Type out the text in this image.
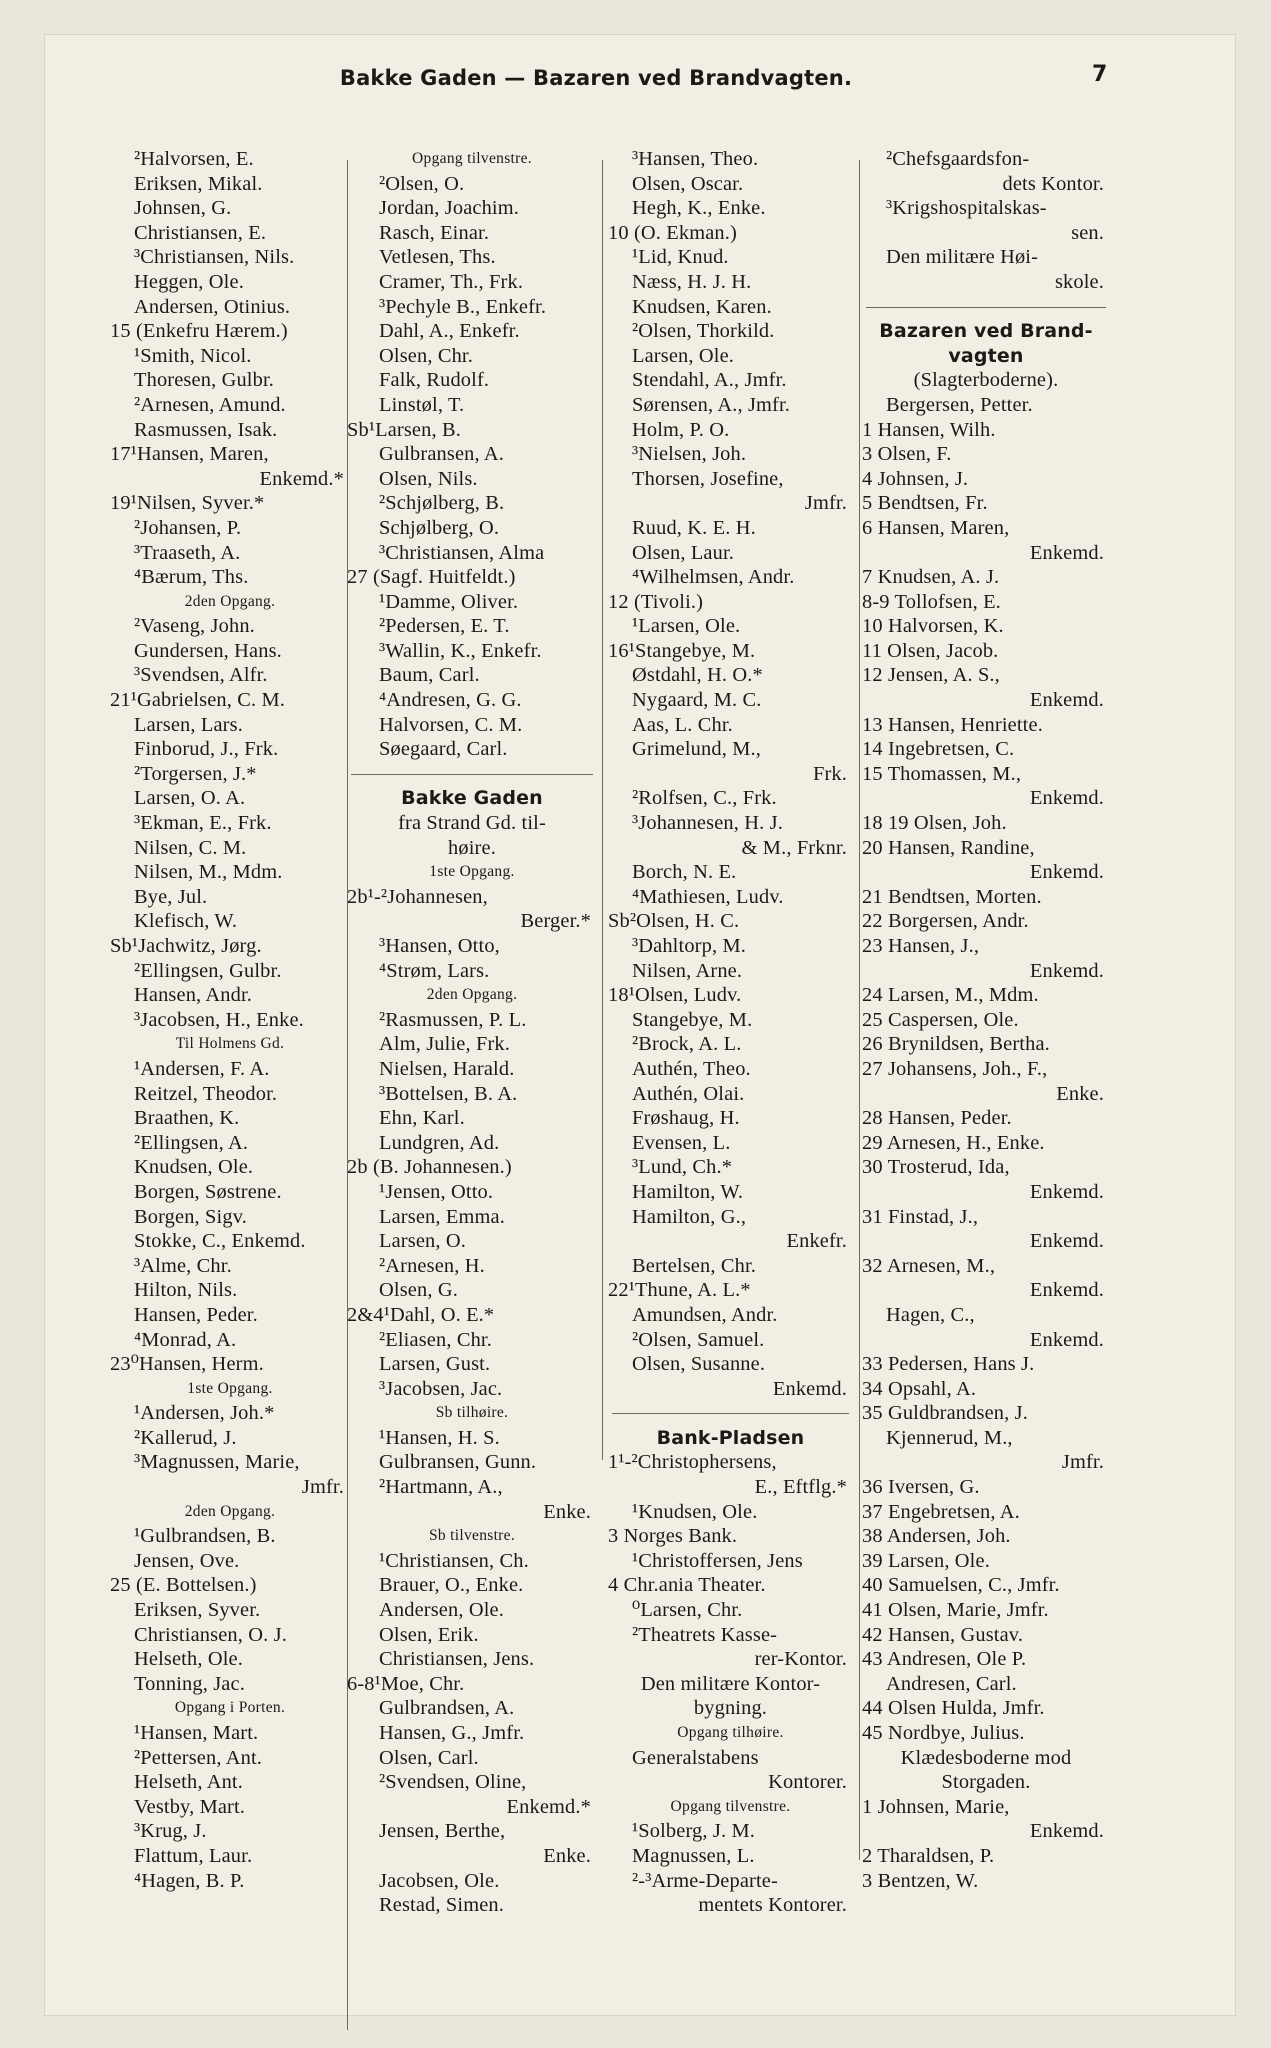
Bakke Gaden — Bazaren ved Brandvagten.	7
²Halvorsen, E.
Eriksen, Mikal.
Johnsen, G.
Christiansen, E.
³Christiansen, Nils.
Heggen, Ole.
Andersen, Otinius.
15 (Enkefru Hærem.)
¹Smith, Nicol.
Thoresen, Gulbr.
²Arnesen, Amund.
Rasmussen, Isak.
17¹Hansen, Maren,
Enkemd.*
19¹Nilsen, Syver.*
²Johansen, P.
³Traaseth, A.
⁴Bærum, Ths.
2den Opgang.
²Vaseng, John.
Gundersen, Hans.
³Svendsen, Alfr.
21¹Gabrielsen, C. M.
Larsen, Lars.
Finborud, J., Frk.
²Torgersen, J.*
Larsen, O. A.
³Ekman, E., Frk.
Nilsen, C. M.
Nilsen, M., Mdm.
Bye, Jul.
Klefisch, W.
Sb¹Jachwitz, Jørg.
²Ellingsen, Gulbr.
Hansen, Andr.
³Jacobsen, H., Enke.
Til Holmens Gd.
¹Andersen, F. A.
Reitzel, Theodor.
Braathen, K.
²Ellingsen, A.
Knudsen, Ole.
Borgen, Søstrene.
Borgen, Sigv.
Stokke, C., Enkemd.
³Alme, Chr.
Hilton, Nils.
Hansen, Peder.
⁴Monrad, A.
23⁰Hansen, Herm.
1ste Opgang.
¹Andersen, Joh.*
²Kallerud, J.
³Magnussen, Marie,
Jmfr.
2den Opgang.
¹Gulbrandsen, B.
Jensen, Ove.
25 (E. Bottelsen.)
Eriksen, Syver.
Christiansen, O. J.
Helseth, Ole.
Tonning, Jac.
Opgang i Porten.
¹Hansen, Mart.
²Pettersen, Ant.
Helseth, Ant.
Vestby, Mart.
³Krug, J.
Flattum, Laur.
⁴Hagen, B. P.
Opgang tilvenstre.
²Olsen, O.
Jordan, Joachim.
Rasch, Einar.
Vetlesen, Ths.
Cramer, Th., Frk.
³Pechyle B., Enkefr.
Dahl, A., Enkefr.
Olsen, Chr.
Falk, Rudolf.
Linstøl, T.
Sb¹Larsen, B.
Gulbransen, A.
Olsen, Nils.
²Schjølberg, B.
Schjølberg, O.
³Christiansen, Alma
27 (Sagf. Huitfeldt.)
¹Damme, Oliver.
²Pedersen, E. T.
³Wallin, K., Enkefr.
Baum, Carl.
⁴Andresen, G. G.
Halvorsen, C. M.
Søegaard, Carl.
Bakke Gaden
fra Strand Gd. til-
høire.
1ste Opgang.
2b¹-²Johannesen,
Berger.*
³Hansen, Otto,
⁴Strøm, Lars.
2den Opgang.
²Rasmussen, P. L.
Alm, Julie, Frk.
Nielsen, Harald.
³Bottelsen, B. A.
Ehn, Karl.
Lundgren, Ad.
2b (B. Johannesen.)
¹Jensen, Otto.
Larsen, Emma.
Larsen, O.
²Arnesen, H.
Olsen, G.
2&4¹Dahl, O. E.*
²Eliasen, Chr.
Larsen, Gust.
³Jacobsen, Jac.
Sb tilhøire.
¹Hansen, H. S.
Gulbransen, Gunn.
²Hartmann, A.,
Enke.
Sb tilvenstre.
¹Christiansen, Ch.
Brauer, O., Enke.
Andersen, Ole.
Olsen, Erik.
Christiansen, Jens.
6-8¹Moe, Chr.
Gulbrandsen, A.
Hansen, G., Jmfr.
Olsen, Carl.
²Svendsen, Oline,
Enkemd.*
Jensen, Berthe,
Enke.
Jacobsen, Ole.
Restad, Simen.
³Hansen, Theo.
Olsen, Oscar.
Hegh, K., Enke.
10 (O. Ekman.)
¹Lid, Knud.
Næss, H. J. H.
Knudsen, Karen.
²Olsen, Thorkild.
Larsen, Ole.
Stendahl, A., Jmfr.
Sørensen, A., Jmfr.
Holm, P. O.
³Nielsen, Joh.
Thorsen, Josefine,
Jmfr.
Ruud, K. E. H.
Olsen, Laur.
⁴Wilhelmsen, Andr.
12 (Tivoli.)
¹Larsen, Ole.
16¹Stangebye, M.
Østdahl, H. O.*
Nygaard, M. C.
Aas, L. Chr.
Grimelund, M.,
Frk.
²Rolfsen, C., Frk.
³Johannesen, H. J.
& M., Frknr.
Borch, N. E.
⁴Mathiesen, Ludv.
Sb²Olsen, H. C.
³Dahltorp, M.
Nilsen, Arne.
18¹Olsen, Ludv.
Stangebye, M.
²Brock, A. L.
Authén, Theo.
Authén, Olai.
Frøshaug, H.
Evensen, L.
³Lund, Ch.*
Hamilton, W.
Hamilton, G.,
Enkefr.
Bertelsen, Chr.
22¹Thune, A. L.*
Amundsen, Andr.
²Olsen, Samuel.
Olsen, Susanne.
Enkemd.
Bank-Pladsen
1¹-²Christophersens,
E., Eftflg.*
¹Knudsen, Ole.
3 Norges Bank.
¹Christoffersen, Jens
4 Chr.ania Theater.
⁰Larsen, Chr.
²Theatrets Kasse-
rer-Kontor.
Den militære Kontor-
bygning.
Opgang tilhøire.
Generalstabens
Kontorer.
Opgang tilvenstre.
¹Solberg, J. M.
Magnussen, L.
²-³Arme-Departe-
mentets Kontorer.
²Chefsgaardsfon-
dets Kontor.
³Krigshospitalskas-
sen.
Den militære Høi-
skole.
Bazaren ved Brand-
vagten
(Slagterboderne).
Bergersen, Petter.
1 Hansen, Wilh.
3 Olsen, F.
4 Johnsen, J.
5 Bendtsen, Fr.
6 Hansen, Maren,
Enkemd.
7 Knudsen, A. J.
8-9 Tollofsen, E.
10 Halvorsen, K.
11 Olsen, Jacob.
12 Jensen, A. S.,
Enkemd.
13 Hansen, Henriette.
14 Ingebretsen, C.
15 Thomassen, M.,
Enkemd.
18 19 Olsen, Joh.
20 Hansen, Randine,
Enkemd.
21 Bendtsen, Morten.
22 Borgersen, Andr.
23 Hansen, J.,
Enkemd.
24 Larsen, M., Mdm.
25 Caspersen, Ole.
26 Brynildsen, Bertha.
27 Johansens, Joh., F.,
Enke.
28 Hansen, Peder.
29 Arnesen, H., Enke.
30 Trosterud, Ida,
Enkemd.
31 Finstad, J.,
Enkemd.
32 Arnesen, M.,
Enkemd.
Hagen, C.,
Enkemd.
33 Pedersen, Hans J.
34 Opsahl, A.
35 Guldbrandsen, J.
Kjennerud, M.,
Jmfr.
36 Iversen, G.
37 Engebretsen, A.
38 Andersen, Joh.
39 Larsen, Ole.
40 Samuelsen, C., Jmfr.
41 Olsen, Marie, Jmfr.
42 Hansen, Gustav.
43 Andresen, Ole P.
Andresen, Carl.
44 Olsen Hulda, Jmfr.
45 Nordbye, Julius.
Klædesboderne mod
Storgaden.
1 Johnsen, Marie,
Enkemd.
2 Tharaldsen, P.
3 Bentzen, W.
